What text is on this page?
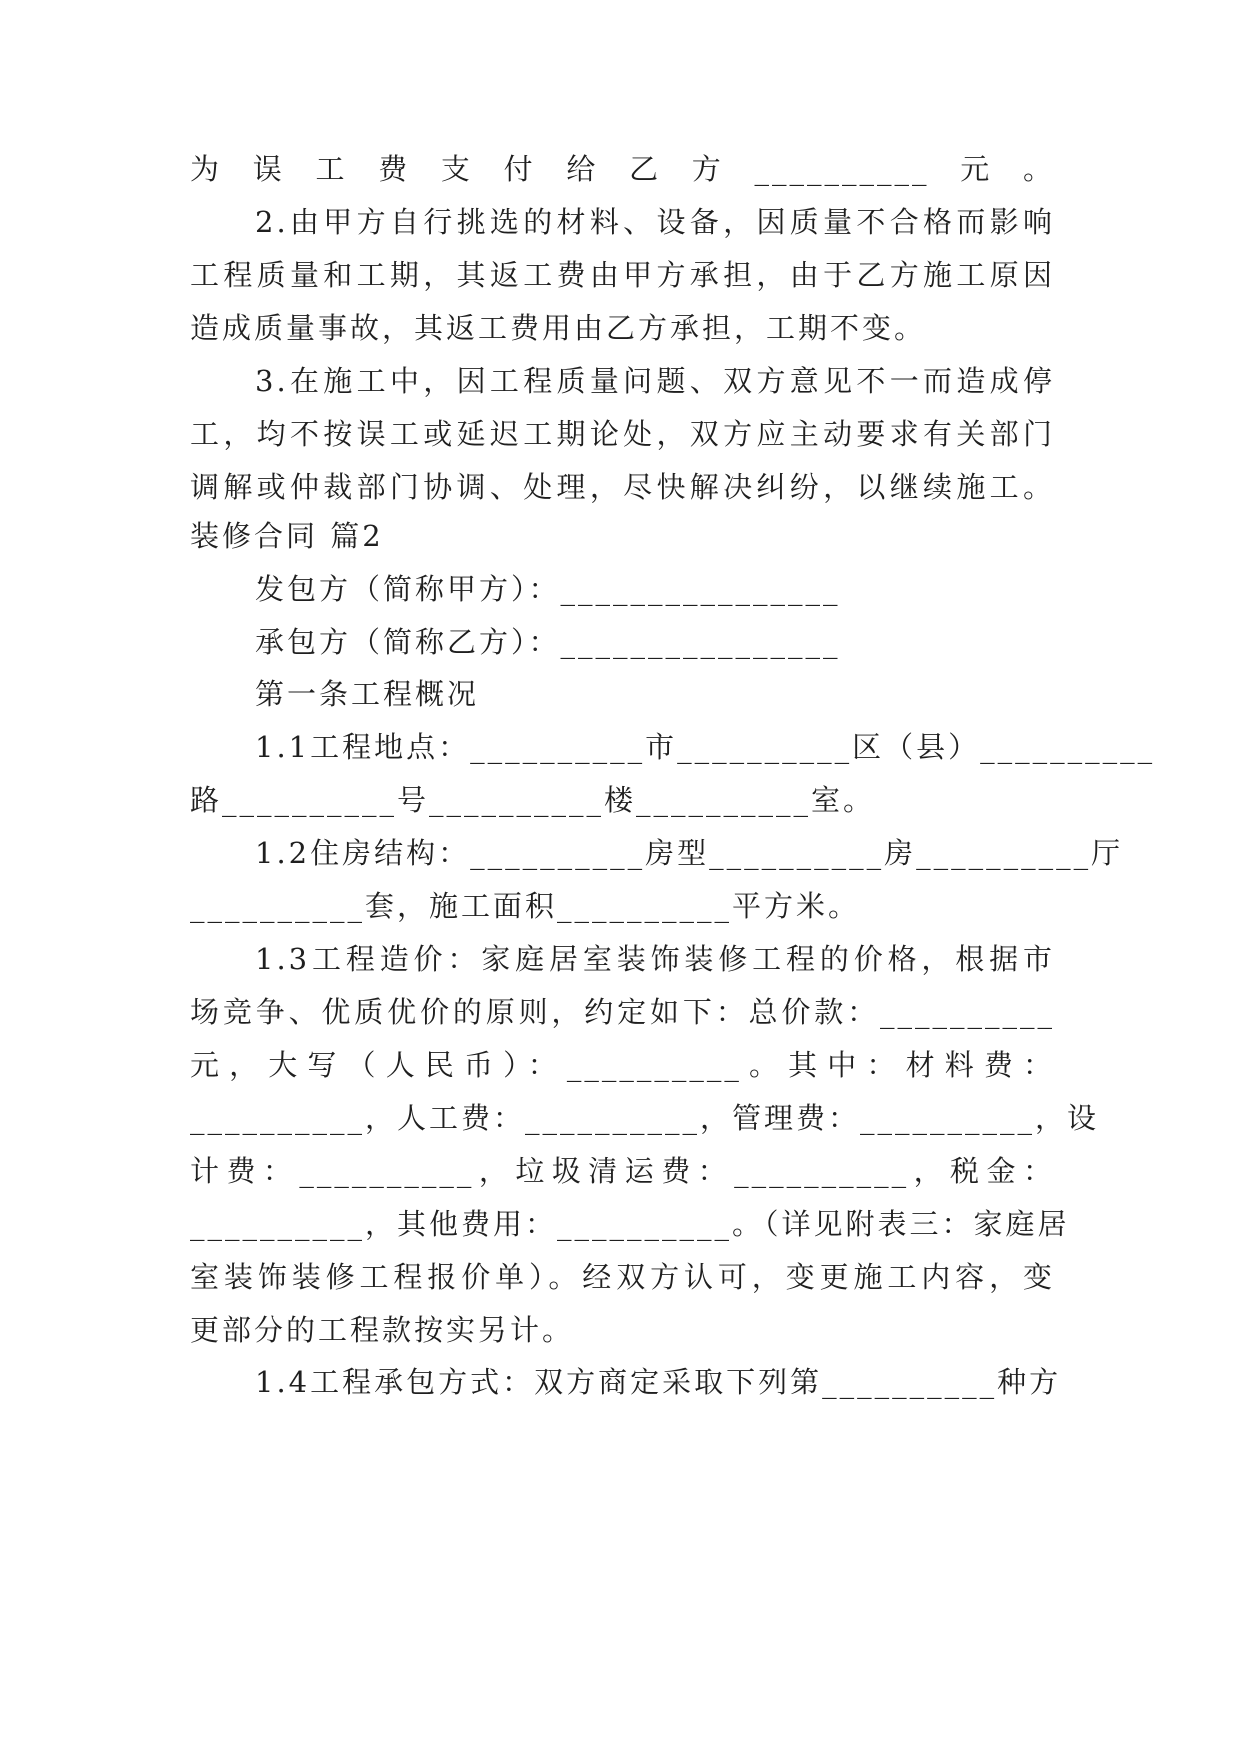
为误工费支付给乙方__________元。
2.由甲方自行挑选的材料、设备，因质量不合格而影响
工程质量和工期，其返工费由甲方承担，由于乙方施工原因
造成质量事故，其返工费用由乙方承担，工期不变。
3.在施工中，因工程质量问题、双方意见不一而造成停
工，均不按误工或延迟工期论处，双方应主动要求有关部门
调解或仲裁部门协调、处理，尽快解决纠纷，以继续施工。
装修合同 篇2
发包方（简称甲方）：________________
承包方（简称乙方）：________________
第一条工程概况
1.1工程地点：__________市__________区（县）__________
路__________号__________楼__________室。
1.2住房结构：__________房型__________房__________厅
__________套，施工面积__________平方米。
1.3工程造价：家庭居室装饰装修工程的价格，根据市
场竞争、优质优价的原则，约定如下：总价款：__________
元，大写（人民币）：__________。其中：材料费：
__________，人工费：__________，管理费：__________，设
计费：__________，垃圾清运费：__________，税金：
__________，其他费用：__________。（详见附表三：家庭居
室装饰装修工程报价单）。经双方认可，变更施工内容，变
更部分的工程款按实另计。
1.4工程承包方式：双方商定采取下列第__________种方
